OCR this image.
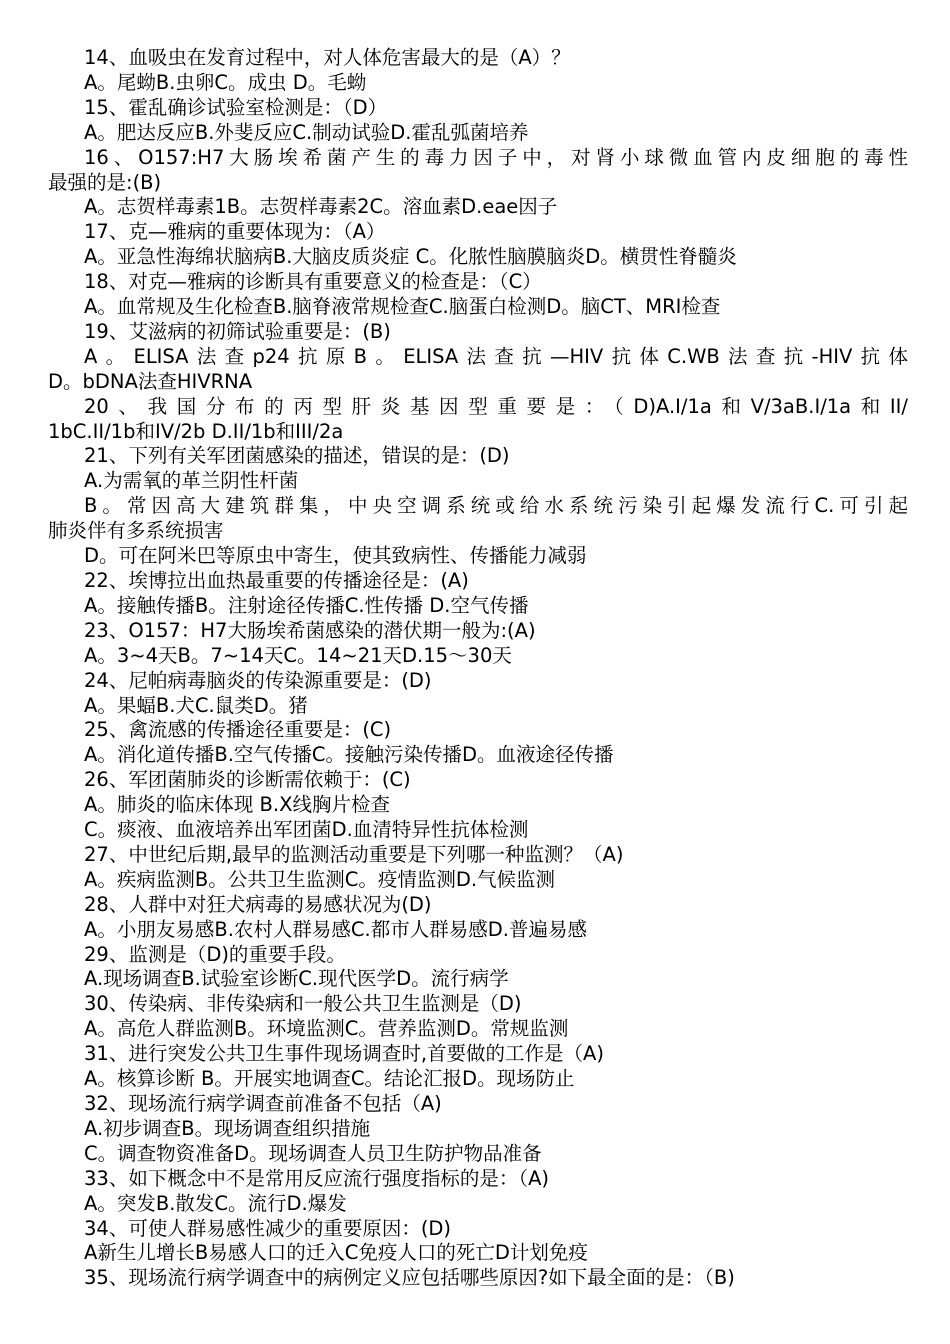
14、血吸虫在发育过程中，对人体危害最大的是（A）？
A。尾蚴B.虫卵C。成虫 D。毛蚴
15、霍乱确诊试验室检测是：（D）
A。肥达反应B.外斐反应C.制动试验D.霍乱弧菌培养
16、O157:H7大肠埃希菌产生的毒力因子中，对肾小球微血管内皮细胞的毒性
最强的是:(B)
A。志贺样毒素1B。志贺样毒素2C。溶血素D.eae因子
17、克—雅病的重要体现为：（A）
A。亚急性海绵状脑病B.大脑皮质炎症 C。化脓性脑膜脑炎D。横贯性脊髓炎
18、对克—雅病的诊断具有重要意义的检查是：（C）
A。血常规及生化检查B.脑脊液常规检查C.脑蛋白检测D。脑CT、MRI检查
19、艾滋病的初筛试验重要是：(B)
A。ELISA法查p24抗原B。ELISA法查抗—HIV抗体C.WB法查抗-HIV抗体
D。bDNA法查HIVRNA
20、我国分布的丙型肝炎基因型重要是：（D)A.I/1a和V/3aB.I/1a和II/
1bC.II/1b和IV/2b D.II/1b和III/2a
21、下列有关军团菌感染的描述，错误的是：(D)
A.为需氧的革兰阴性杆菌
B。常因高大建筑群集，中央空调系统或给水系统污染引起爆发流行C.可引起
肺炎伴有多系统损害
D。可在阿米巴等原虫中寄生，使其致病性、传播能力减弱
22、埃博拉出血热最重要的传播途径是：(A)
A。接触传播B。注射途径传播C.性传播 D.空气传播
23、O157：H7大肠埃希菌感染的潜伏期一般为:(A)
A。3~4天B。7~14天C。14~21天D.15～30天
24、尼帕病毒脑炎的传染源重要是：(D)
A。果蝠B.犬C.鼠类D。猪
25、禽流感的传播途径重要是：(C)
A。消化道传播B.空气传播C。接触污染传播D。血液途径传播
26、军团菌肺炎的诊断需依赖于：(C)
A。肺炎的临床体现 B.X线胸片检查
C。痰液、血液培养出军团菌D.血清特异性抗体检测
27、中世纪后期,最早的监测活动重要是下列哪一种监测？（A)
A。疾病监测B。公共卫生监测C。疫情监测D.气候监测
28、人群中对狂犬病毒的易感状况为(D)
A。小朋友易感B.农村人群易感C.都市人群易感D.普遍易感
29、监测是（D)的重要手段。
A.现场调查B.试验室诊断C.现代医学D。流行病学
30、传染病、非传染病和一般公共卫生监测是（D)
A。高危人群监测B。环境监测C。营养监测D。常规监测
31、进行突发公共卫生事件现场调查时,首要做的工作是（A)
A。核算诊断 B。开展实地调查C。结论汇报D。现场防止
32、现场流行病学调查前准备不包括（A)
A.初步调查B。现场调查组织措施
C。调查物资准备D。现场调查人员卫生防护物品准备
33、如下概念中不是常用反应流行强度指标的是：（A)
A。突发B.散发C。流行D.爆发
34、可使人群易感性减少的重要原因：(D)
A新生儿增长B易感人口的迁入C免疫人口的死亡D计划免疫
35、现场流行病学调查中的病例定义应包括哪些原因?如下最全面的是：（B)
